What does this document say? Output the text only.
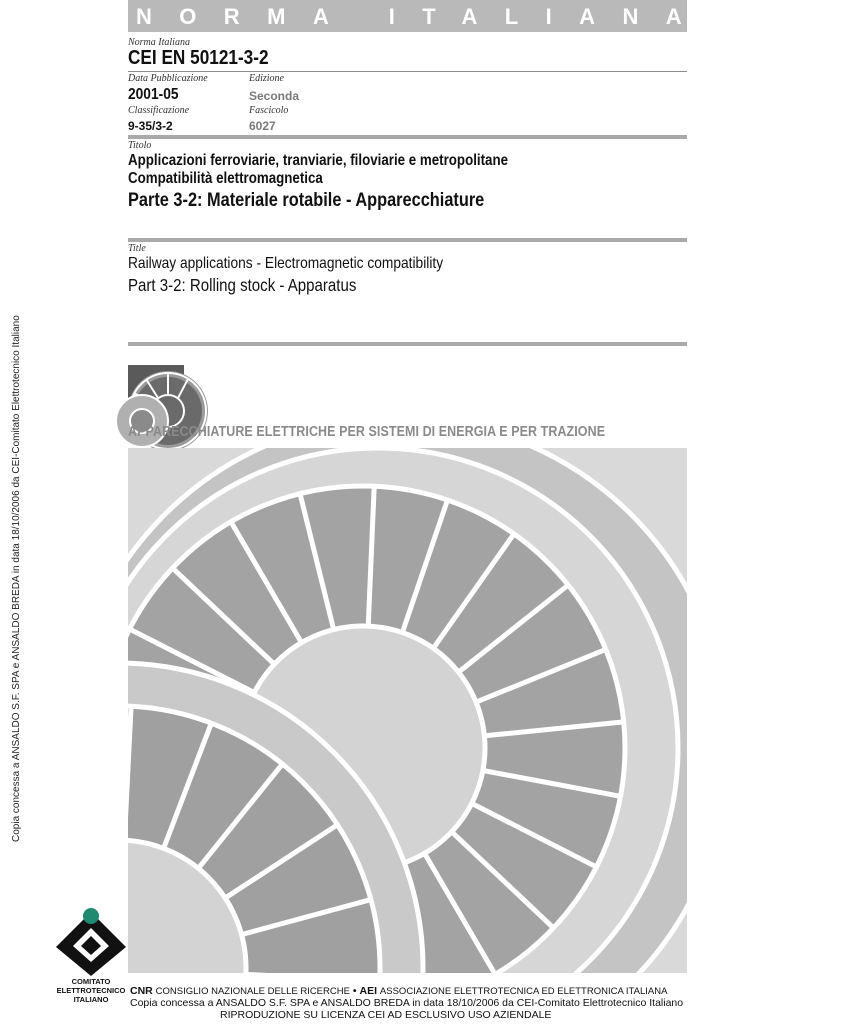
NORMA ITALIANA CEI
Norma Italiana
CEI EN 50121-3-2
Data Pubblicazione	Edizione
2001-05	Seconda
Classificazione	Fascicolo
9-35/3-2	6027
Titolo
Applicazioni ferroviarie, tranviarie, filoviarie e metropolitane
Compatibilità elettromagnetica
Parte 3-2: Materiale rotabile - Apparecchiature
Title
Railway applications - Electromagnetic compatibility
Part 3-2: Rolling stock - Apparatus
APPARECCHIATURE ELETTRICHE PER SISTEMI DI ENERGIA E PER TRAZIONE
Copia concessa a ANSALDO S.F. SPA e ANSALDO BREDA in data 18/10/2006 da CEI-Comitato Elettrotecnico Italiano
COMITATO
ELETTROTECNICO
ITALIANO
CNR CONSIGLIO NAZIONALE DELLE RICERCHE • AEI ASSOCIAZIONE ELETTROTECNICA ED ELETTRONICA ITALIANA
Copia concessa a ANSALDO S.F. SPA e ANSALDO BREDA in data 18/10/2006 da CEI-Comitato Elettrotecnico Italiano
RIPRODUZIONE SU LICENZA CEI AD ESCLUSIVO USO AZIENDALE
